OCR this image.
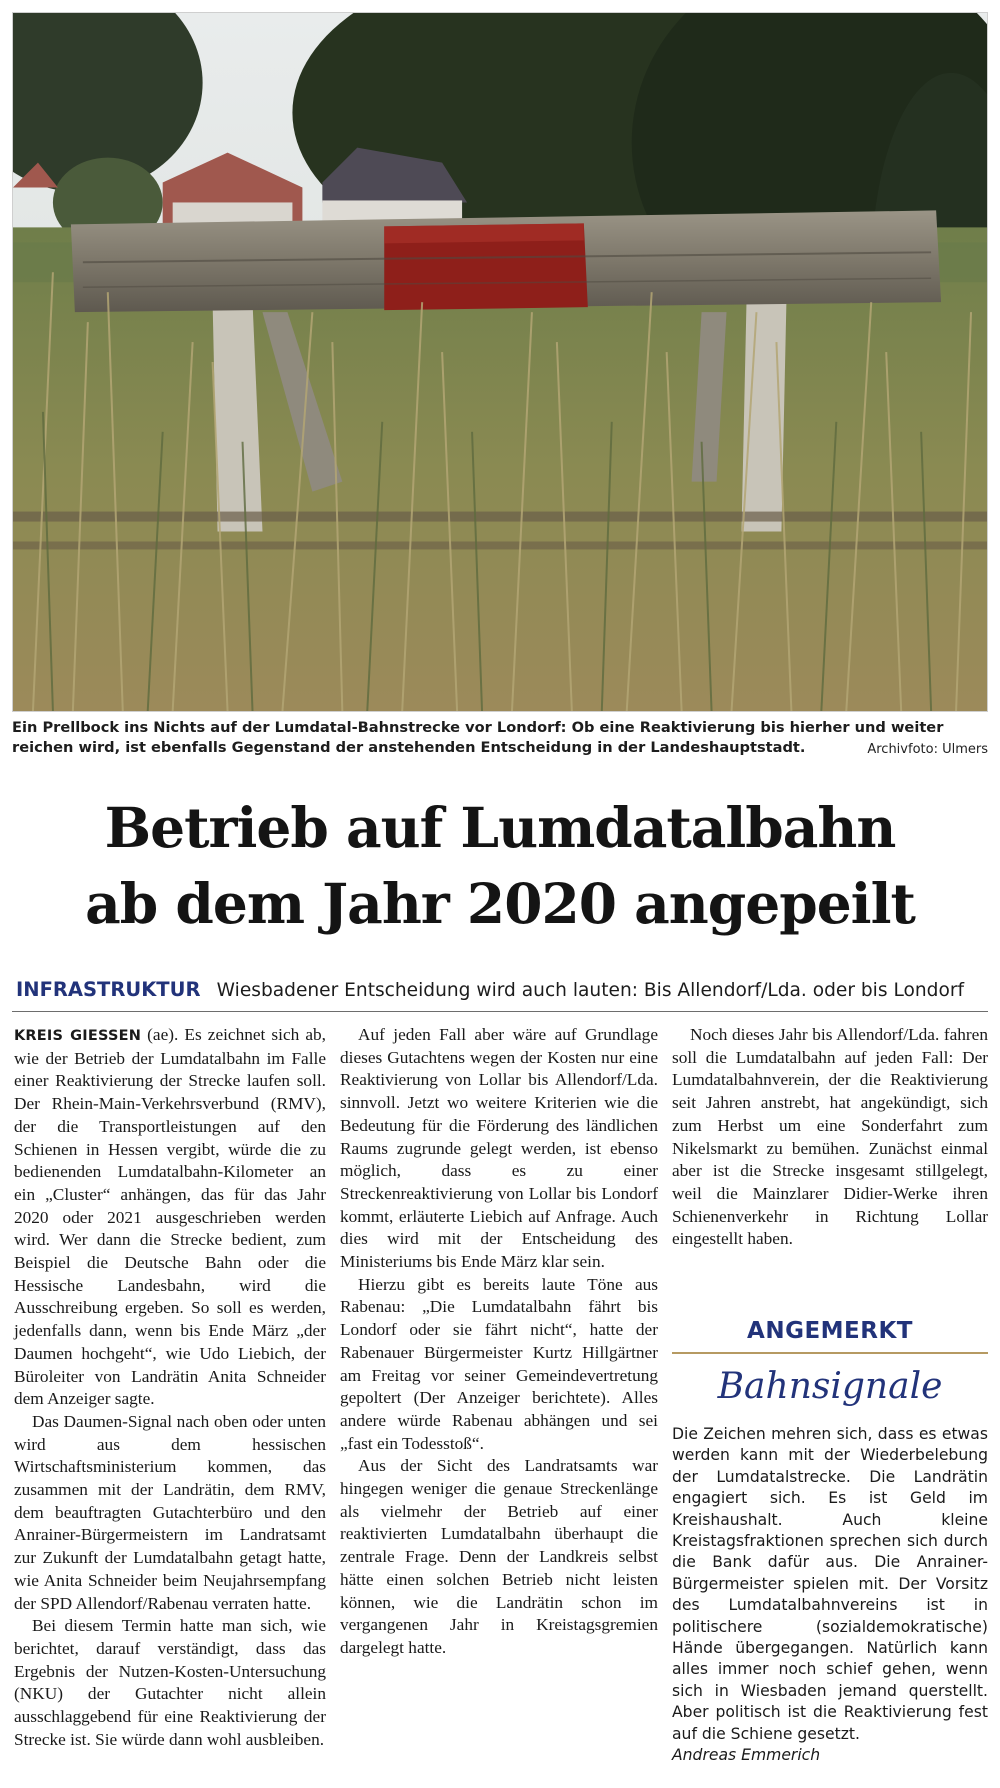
Ein Prellbock ins Nichts auf der Lumdatal-Bahnstrecke vor Londorf: Ob eine Reaktivierung bis hierher und weiter reichen wird, ist ebenfalls Gegenstand der anstehenden Entscheidung in der Landeshauptstadt.	Archivfoto: Ulmers
Betrieb auf Lumdatalbahn
ab dem Jahr 2020 angepeilt
INFRASTRUKTUR Wiesbadener Entscheidung wird auch lauten: Bis Allendorf/Lda. oder bis Londorf

KREIS GIESSEN (ae). Es zeichnet sich ab, wie der Betrieb der Lumdatalbahn im Falle einer Reaktivierung der Strecke laufen soll. Der Rhein-Main-Verkehrsverbund (RMV), der die Transportleistungen auf den Schienen in Hessen vergibt, würde die zu bedienenden Lumdatalbahn-Kilometer an ein „Cluster“ anhängen, das für das Jahr 2020 oder 2021 ausgeschrieben werden wird. Wer dann die Strecke bedient, zum Beispiel die Deutsche Bahn oder die Hessische Landesbahn, wird die Ausschreibung ergeben. So soll es werden, jedenfalls dann, wenn bis Ende März „der Daumen hochgeht“, wie Udo Liebich, der Büroleiter von Landrätin Anita Schneider dem Anzeiger sagte.

Das Daumen-Signal nach oben oder unten wird aus dem hessischen Wirtschaftsministerium kommen, das zusammen mit der Landrätin, dem RMV, dem beauftragten Gutachterbüro und den Anrainer-Bürgermeistern im Landratsamt zur Zukunft der Lumdatalbahn getagt hatte, wie Anita Schneider beim Neujahrsempfang der SPD Allendorf/Rabenau verraten hatte.

Bei diesem Termin hatte man sich, wie berichtet, darauf verständigt, dass das Ergebnis der Nutzen-Kosten-Untersuchung (NKU) der Gutachter nicht allein ausschlaggebend für eine Reaktivierung der Strecke ist. Sie würde dann wohl ausbleiben.

Auf jeden Fall aber wäre auf Grundlage dieses Gutachtens wegen der Kosten nur eine Reaktivierung von Lollar bis Allendorf/Lda. sinnvoll. Jetzt wo weitere Kriterien wie die Bedeutung für die Förderung des ländlichen Raums zugrunde gelegt werden, ist ebenso möglich, dass es zu einer Streckenreaktivierung von Lollar bis Londorf kommt, erläuterte Liebich auf Anfrage. Auch dies wird mit der Entscheidung des Ministeriums bis Ende März klar sein.

Hierzu gibt es bereits laute Töne aus Rabenau: „Die Lumdatalbahn fährt bis Londorf oder sie fährt nicht“, hatte der Rabenauer Bürgermeister Kurtz Hillgärtner am Freitag vor seiner Gemeindevertretung gepoltert (Der Anzeiger berichtete). Alles andere würde Rabenau abhängen und sei „fast ein Todesstoß“.

Aus der Sicht des Landratsamts war hingegen weniger die genaue Streckenlänge als vielmehr der Betrieb auf einer reaktivierten Lumdatalbahn überhaupt die zentrale Frage. Denn der Landkreis selbst hätte einen solchen Betrieb nicht leisten können, wie die Landrätin schon im vergangenen Jahr in Kreistagsgremien dargelegt hatte.

Noch dieses Jahr bis Allendorf/Lda. fahren soll die Lumdatalbahn auf jeden Fall: Der Lumdatalbahnverein, der die Reaktivierung seit Jahren anstrebt, hat angekündigt, sich zum Herbst um eine Sonderfahrt zum Nikelsmarkt zu bemühen. Zunächst einmal aber ist die Strecke insgesamt stillgelegt, weil die Mainzlarer Didier-Werke ihren Schienenverkehr in Richtung Lollar eingestellt haben.

ANGEMERKT
Bahnsignale

Die Zeichen mehren sich, dass es etwas werden kann mit der Wiederbelebung der Lumdatalstrecke. Die Landrätin engagiert sich. Es ist Geld im Kreishaushalt. Auch kleine Kreistagsfraktionen sprechen sich durch die Bank dafür aus. Die Anrainer-Bürgermeister spielen mit. Der Vorsitz des Lumdatalbahnvereins ist in politischere (sozialdemokratische) Hände übergegangen. Natürlich kann alles immer noch schief gehen, wenn sich in Wiesbaden jemand querstellt. Aber politisch ist die Reaktivierung fest auf die Schiene gesetzt.

Andreas Emmerich
